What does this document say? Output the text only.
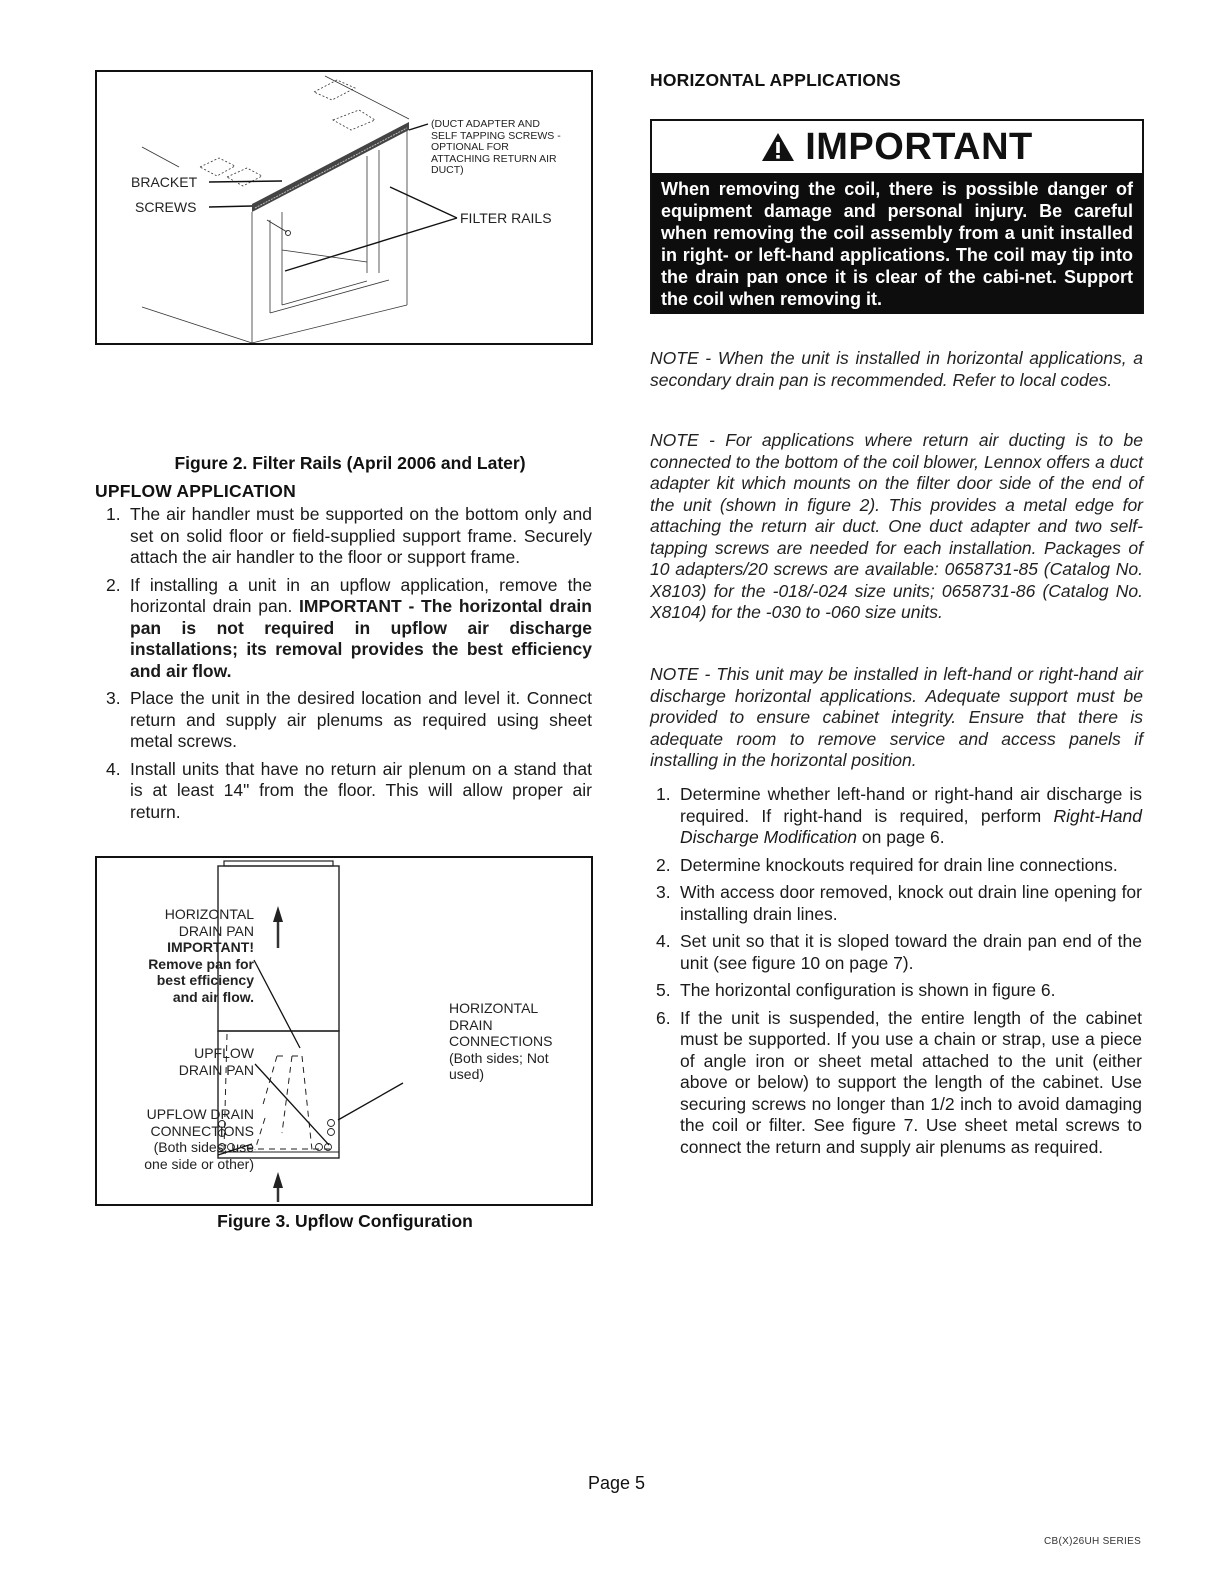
BRACKET
SCREWS
(DUCT ADAPTER AND
SELF TAPPING SCREWS -
OPTIONAL FOR
ATTACHING RETURN AIR
DUCT)
FILTER RAILS
Figure 2. Filter Rails (April 2006 and Later)
UPFLOW APPLICATION
1. The air handler must be supported on the bottom only and set on solid floor or field-supplied support frame. Securely attach the air handler to the floor or support frame.
2. If installing a unit in an upflow application, remove the horizontal drain pan. IMPORTANT - The horizontal drain pan is not required in upflow air discharge installations; its removal provides the best efficiency and air flow.
3. Place the unit in the desired location and level it. Connect return and supply air plenums as required using sheet metal screws.
4. Install units that have no return air plenum on a stand that is at least 14" from the floor. This will allow proper air return.
HORIZONTAL
DRAIN PAN
IMPORTANT!
Remove pan for
best efficiency
and air flow.
UPFLOW
DRAIN PAN
UPFLOW DRAIN
CONNECTIONS
(Both sides; use
one side or other)
HORIZONTAL
DRAIN
CONNECTIONS
(Both sides; Not
used)
Figure 3. Upflow Configuration
HORIZONTAL APPLICATIONS
IMPORTANT
When removing the coil, there is possible danger of equipment damage and personal injury. Be careful when removing the coil assembly from a unit installed in right- or left-hand applications. The coil may tip into the drain pan once it is clear of the cabi-net. Support the coil when removing it.
NOTE - When the unit is installed in horizontal applications, a secondary drain pan is recommended. Refer to local codes.
NOTE - For applications where return air ducting is to be connected to the bottom of the coil blower, Lennox offers a duct adapter kit which mounts on the filter door side of the end of the unit (shown in figure 2). This provides a metal edge for attaching the return air duct. One duct adapter and two self-tapping screws are needed for each installation. Packages of 10 adapters/20 screws are available: 0658731-85 (Catalog No. X8103) for the -018/-024 size units; 0658731-86 (Catalog No. X8104) for the -030 to -060 size units.
NOTE - This unit may be installed in left-hand or right-hand air discharge horizontal applications. Adequate support must be provided to ensure cabinet integrity. Ensure that there is adequate room to remove service and access panels if installing in the horizontal position.
1. Determine whether left-hand or right-hand air discharge is required. If right-hand is required, perform Right-Hand Discharge Modification on page 6.
2. Determine knockouts required for drain line connections.
3. With access door removed, knock out drain line opening for installing drain lines.
4. Set unit so that it is sloped toward the drain pan end of the unit (see figure 10 on page 7).
5. The horizontal configuration is shown in figure 6.
6. If the unit is suspended, the entire length of the cabinet must be supported. If you use a chain or strap, use a piece of angle iron or sheet metal attached to the unit (either above or below) to support the length of the cabinet. Use securing screws no longer than 1/2 inch to avoid damaging the coil or filter. See figure 7. Use sheet metal screws to connect the return and supply air plenums as required.
Page 5
CB(X)26UH SERIES
